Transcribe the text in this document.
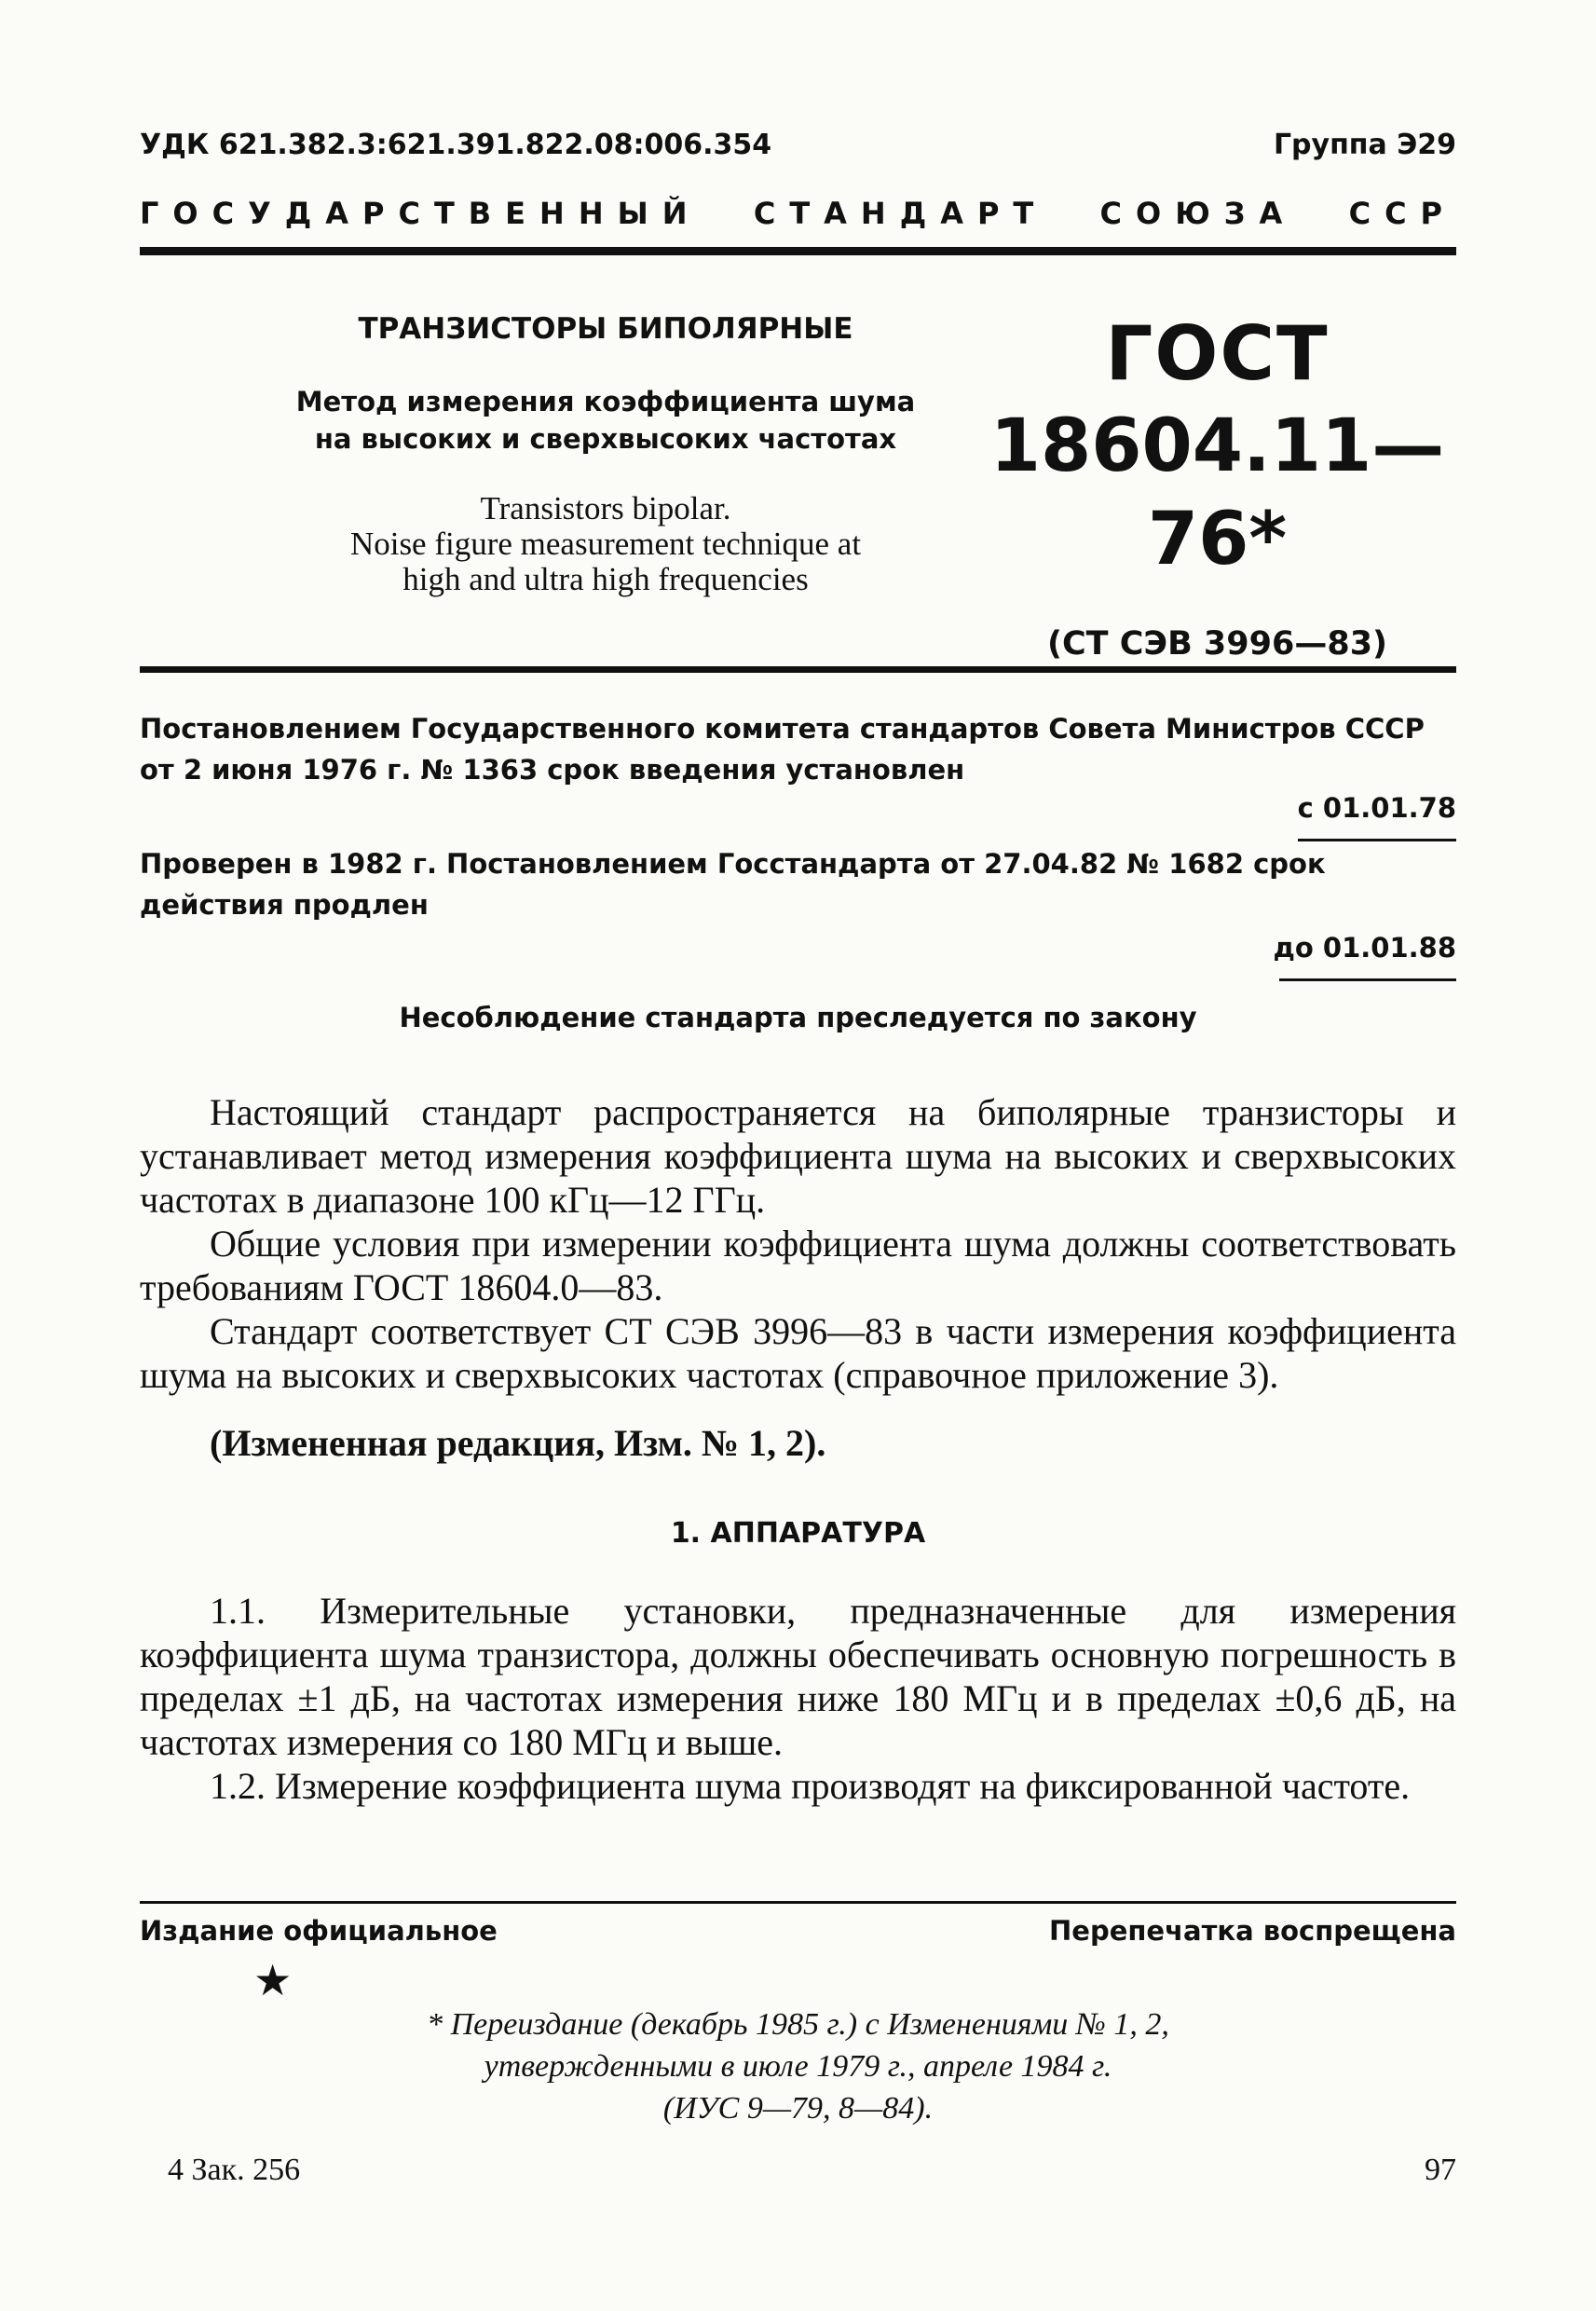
УДК 621.382.3:621.391.822.08:006.354	Группа Э29
ГОСУДАРСТВЕННЫЙ СТАНДАРТ СОЮЗА ССР
ТРАНЗИСТОРЫ БИПОЛЯРНЫЕ
Метод измерения коэффициента шума
на высоких и сверхвысоких частотах
Transistors bipolar.
Noise figure measurement technique at
high and ultra high frequencies
ГОСТ
18604.11—76*
(СТ СЭВ 3996—83)
Постановлением Государственного комитета стандартов Совета Министров СССР от 2 июня 1976 г. № 1363 срок введения установлен
с 01.01.78
Проверен в 1982 г. Постановлением Госстандарта от 27.04.82 № 1682 срок действия продлен
до 01.01.88
Несоблюдение стандарта преследуется по закону

Настоящий стандарт распространяется на биполярные транзисторы и устанавливает метод измерения коэффициента шума на высоких и сверхвысоких частотах в диапазоне 100 кГц—12 ГГц.

Общие условия при измерении коэффициента шума должны соответствовать требованиям ГОСТ 18604.0—83.

Стандарт соответствует СТ СЭВ 3996—83 в части измерения коэффициента шума на высоких и сверхвысоких частотах (справочное приложение 3).

(Измененная редакция, Изм. № 1, 2).
1. АППАРАТУРА

1.1. Измерительные установки, предназначенные для измерения коэффициента шума транзистора, должны обеспечивать основную погрешность в пределах ±1 дБ, на частотах измерения ниже 180 МГц и в пределах ±0,6 дБ, на частотах измерения со 180 МГц и выше.

1.2. Измерение коэффициента шума производят на фиксированной частоте.

Издание официальное	Перепечатка воспрещена
★
* Переиздание (декабрь 1985 г.) с Изменениями № 1, 2,
утвержденными в июле 1979 г., апреле 1984 г.
(ИУС 9—79, 8—84).
4 Зак. 256	97
